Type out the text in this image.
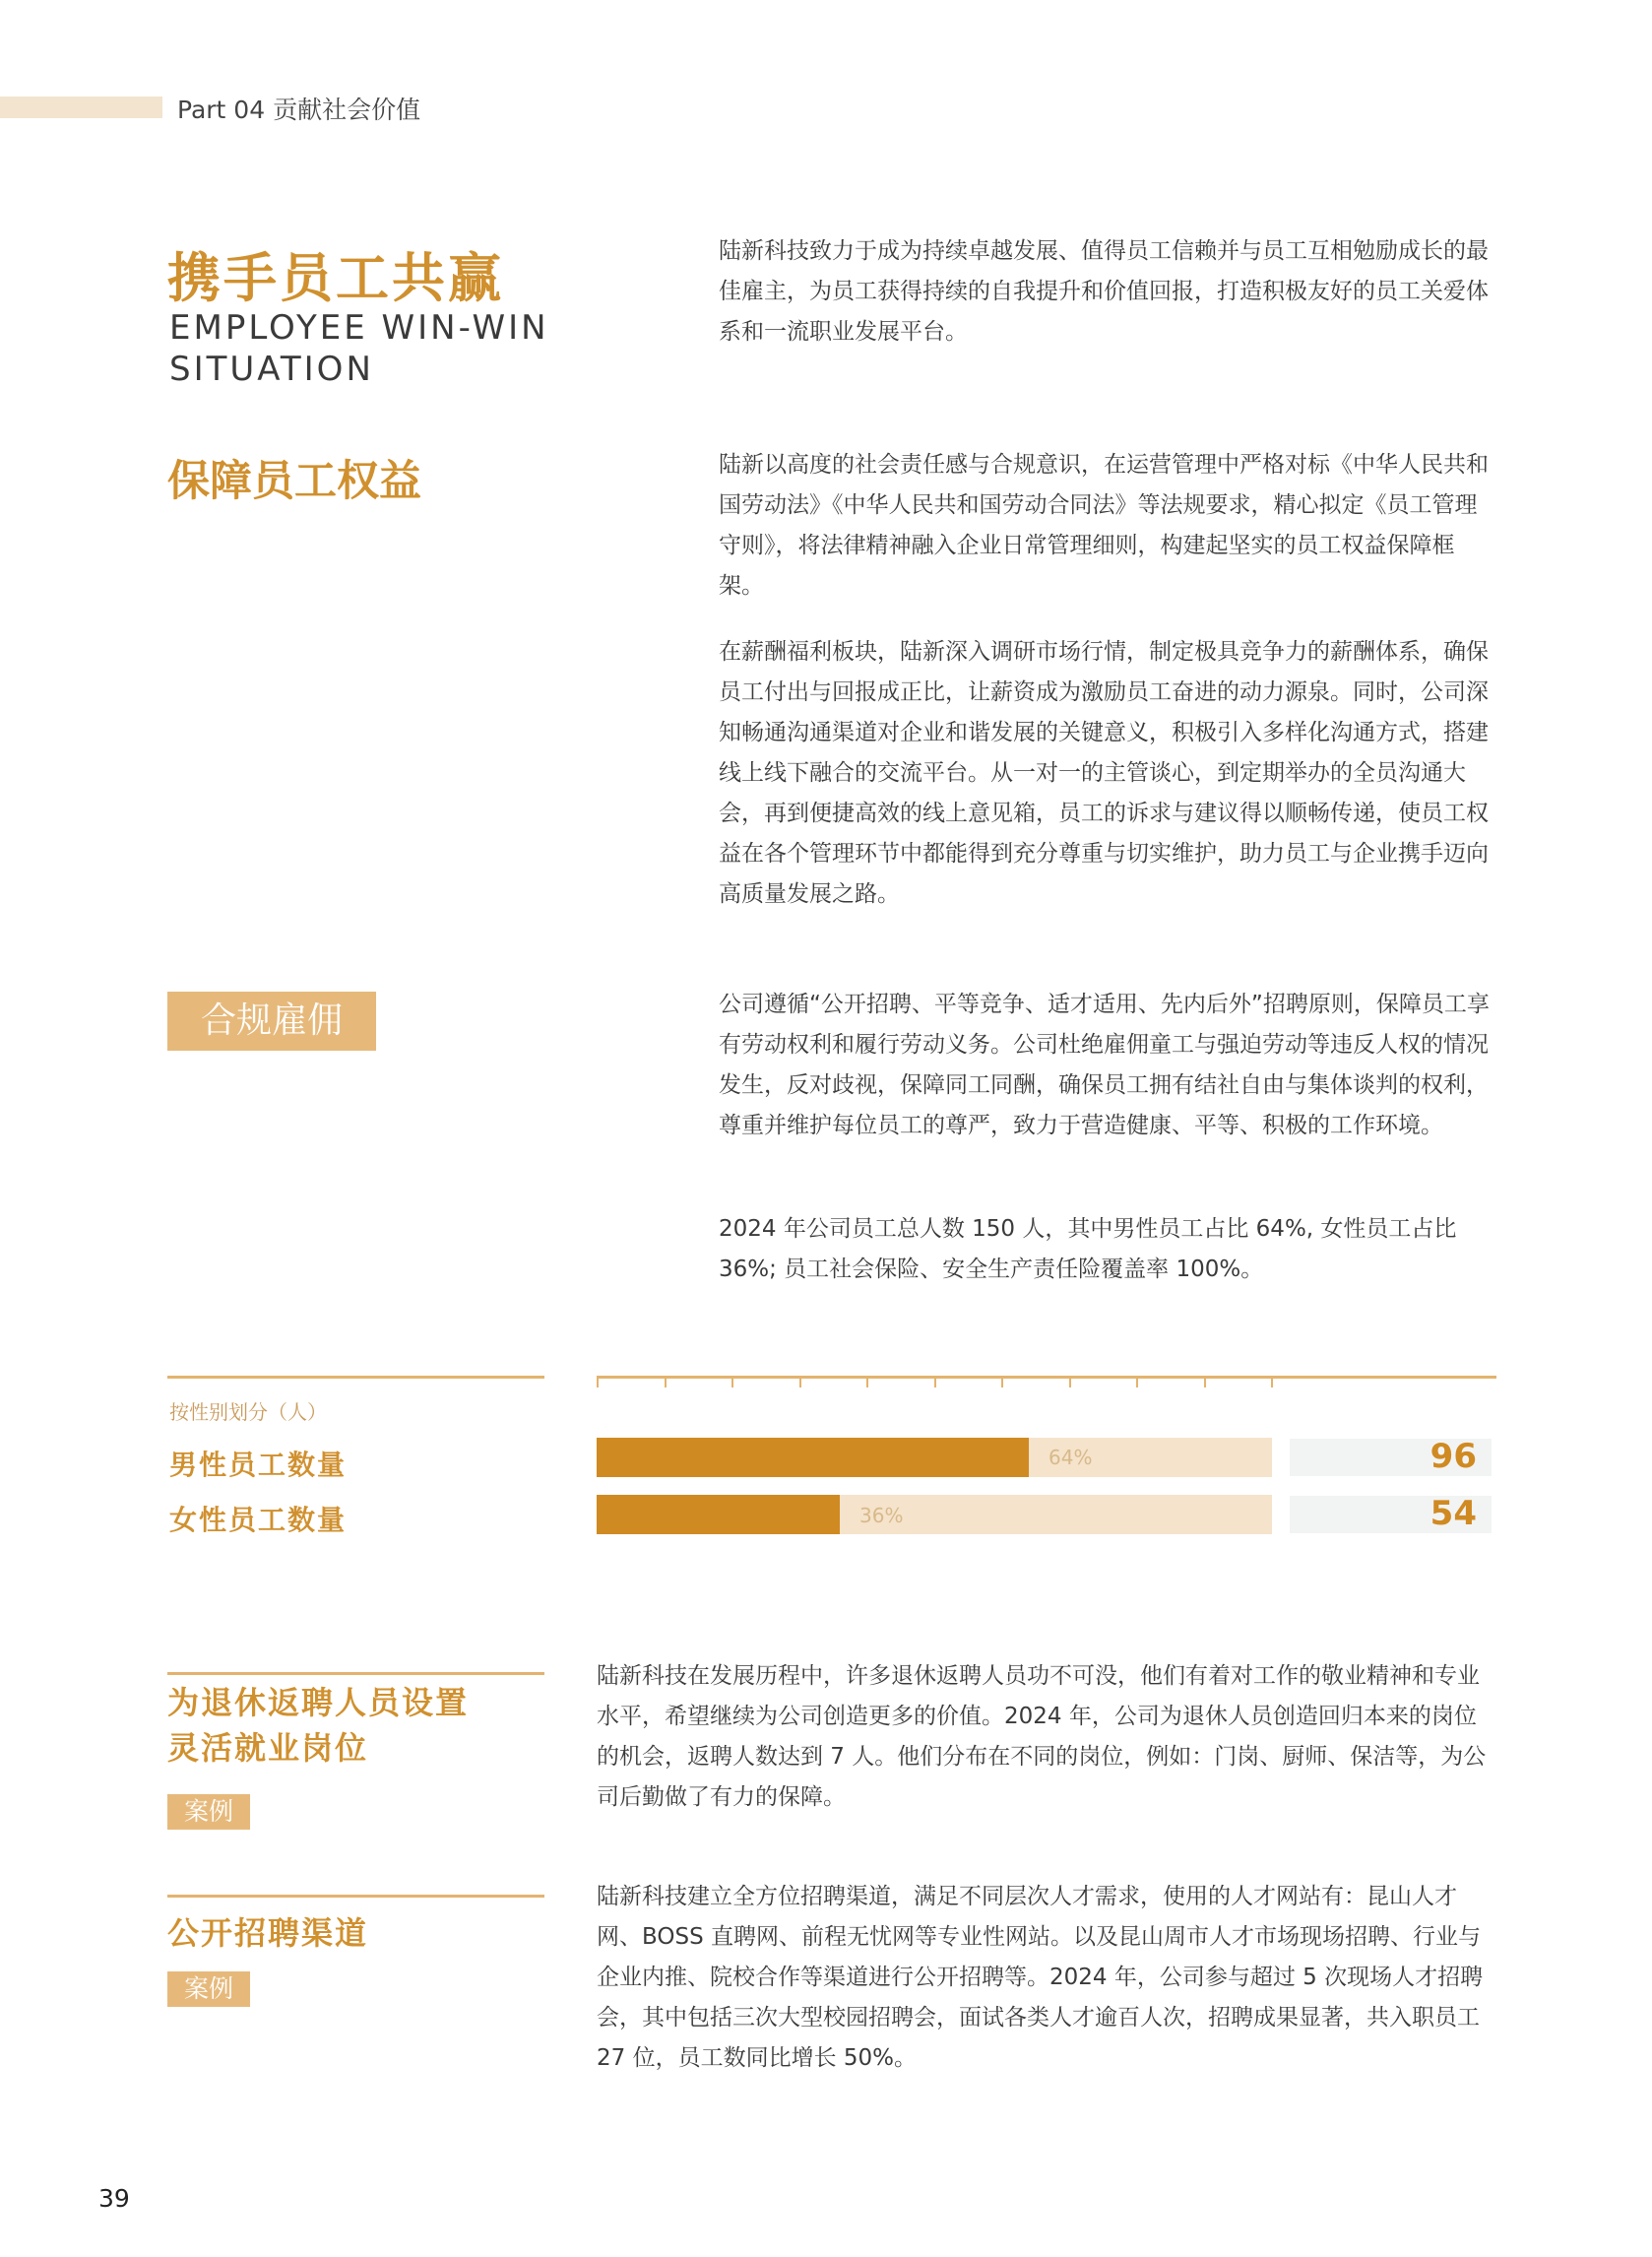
Part 04 贡献社会价值
携手员工共赢
EMPLOYEE WIN-WIN
SITUATION
陆新科技致力于成为持续卓越发展、值得员工信赖并与员工互相勉励成长的最佳雇主，为员工获得持续的自我提升和价值回报，打造积极友好的员工关爱体系和一流职业发展平台。
保障员工权益	陆新以高度的社会责任感与合规意识，在运营管理中严格对标《中华人民共和国劳动法》《中华人民共和国劳动合同法》等法规要求，精心拟定《员工管理守则》，将法律精神融入企业日常管理细则，构建起坚实的员工权益保障框架。
在薪酬福利板块，陆新深入调研市场行情，制定极具竞争力的薪酬体系，确保员工付出与回报成正比，让薪资成为激励员工奋进的动力源泉。同时，公司深知畅通沟通渠道对企业和谐发展的关键意义，积极引入多样化沟通方式，搭建线上线下融合的交流平台。从一对一的主管谈心，到定期举办的全员沟通大会，再到便捷高效的线上意见箱，员工的诉求与建议得以顺畅传递，使员工权益在各个管理环节中都能得到充分尊重与切实维护，助力员工与企业携手迈向高质量发展之路。
合规雇佣	公司遵循“公开招聘、平等竞争、适才适用、先内后外”招聘原则，保障员工享有劳动权利和履行劳动义务。公司杜绝雇佣童工与强迫劳动等违反人权的情况发生，反对歧视，保障同工同酬，确保员工拥有结社自由与集体谈判的权利，尊重并维护每位员工的尊严，致力于营造健康、平等、积极的工作环境。
2024 年公司员工总人数 150 人，其中男性员工占比 64%, 女性员工占比 36%; 员工社会保险、安全生产责任险覆盖率 100%。
按性别划分（人）
男性员工数量	64%	96
女性员工数量	36%	54
为退休返聘人员设置
灵活就业岗位
案例
陆新科技在发展历程中，许多退休返聘人员功不可没，他们有着对工作的敬业精神和专业水平，希望继续为公司创造更多的价值。2024 年，公司为退休人员创造回归本来的岗位的机会，返聘人数达到 7 人。他们分布在不同的岗位，例如：门岗、厨师、保洁等，为公司后勤做了有力的保障。
公开招聘渠道
案例
陆新科技建立全方位招聘渠道，满足不同层次人才需求，使用的人才网站有：昆山人才网、BOSS 直聘网、前程无忧网等专业性网站。以及昆山周市人才市场现场招聘、行业与企业内推、院校合作等渠道进行公开招聘等。2024 年，公司参与超过 5 次现场人才招聘会，其中包括三次大型校园招聘会，面试各类人才逾百人次，招聘成果显著，共入职员工 27 位，员工数同比增长 50%。
39
